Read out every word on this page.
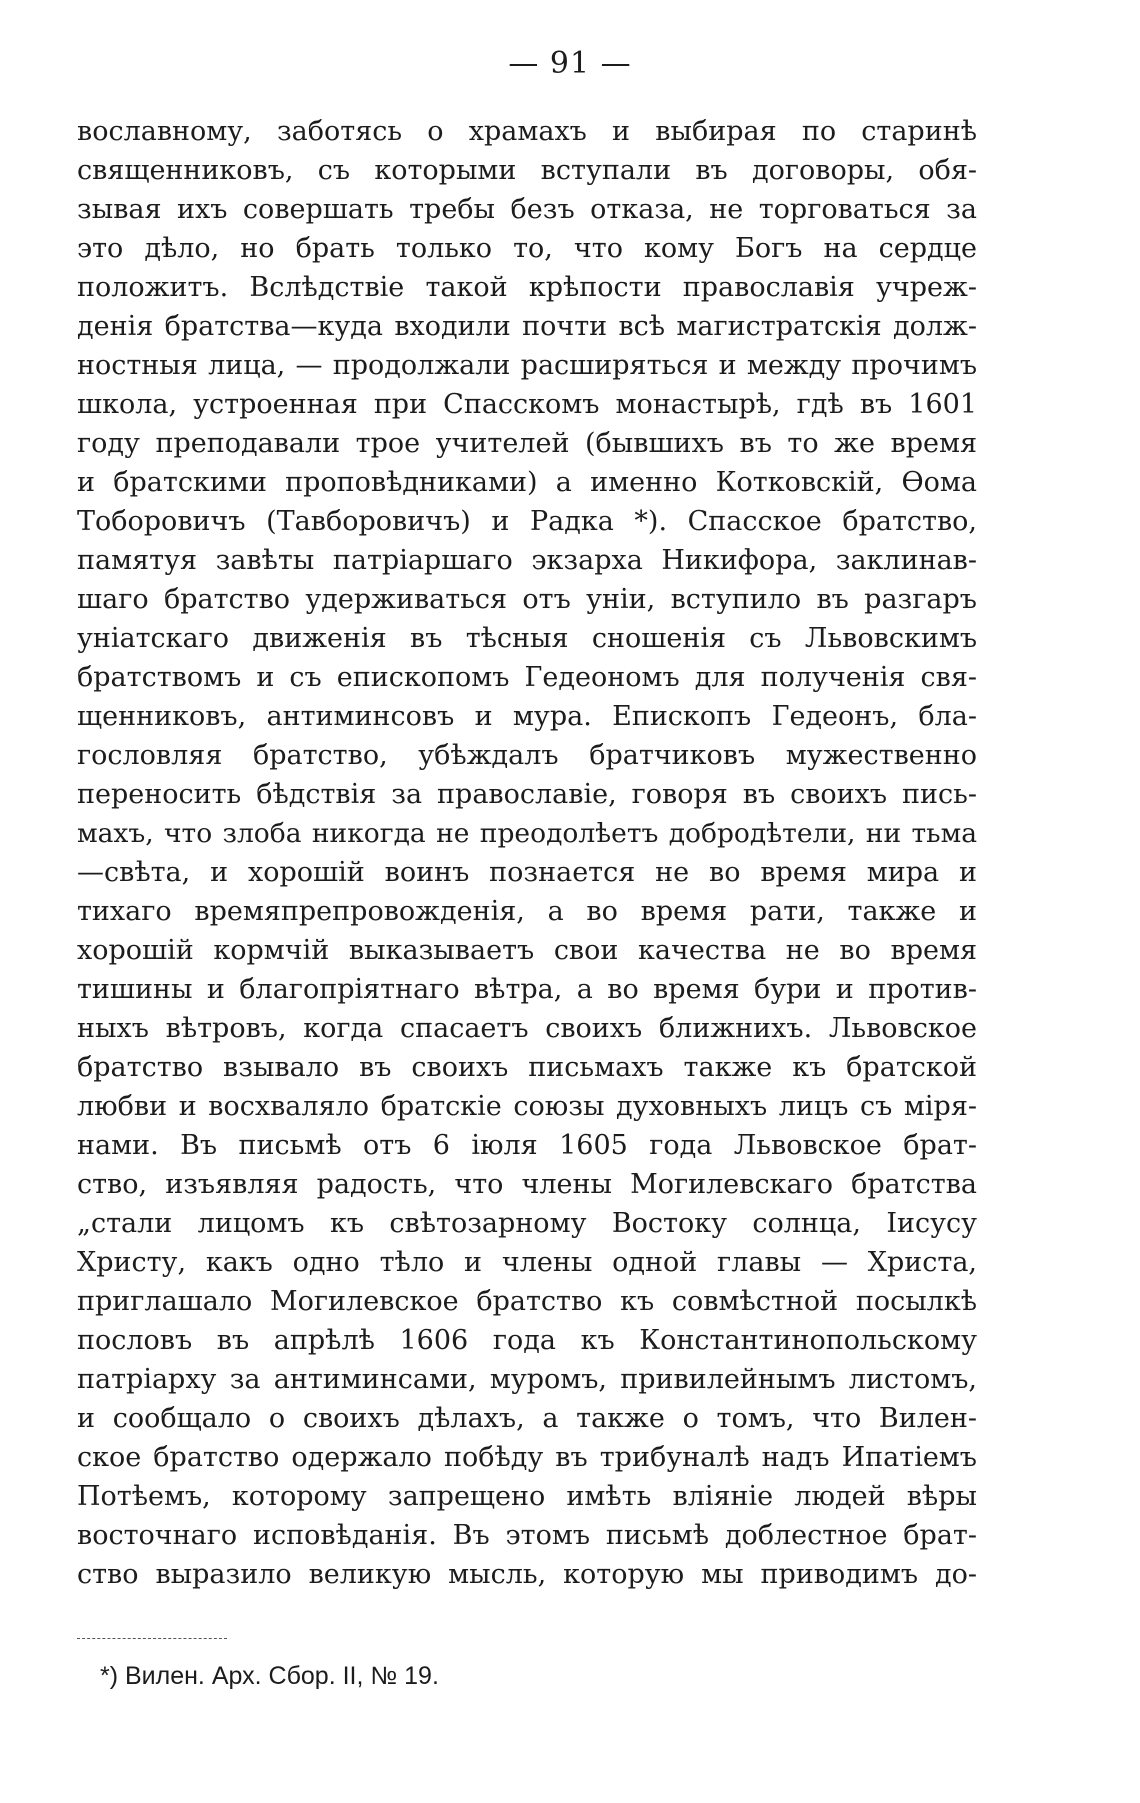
— 91 —
вославному, заботясь о храмахъ и выбирая по старинѣ
священниковъ, съ которыми вступали въ договоры, обя-
зывая ихъ совершать требы безъ отказа, не торговаться за
это дѣло, но брать только то, что кому Богъ на сердце
положитъ. Вслѣдствіе такой крѣпости православія учреж-
денія братства—куда входили почти всѣ магистратскія долж-
ностныя лица, — продолжали расширяться и между прочимъ
школа, устроенная при Спасскомъ монастырѣ, гдѣ въ 1601
году преподавали трое учителей (бывшихъ въ то же время
и братскими проповѣдниками) а именно Котковскій, Ѳома
Тоборовичъ (Тавборовичъ) и Радка *). Спасское братство,
памятуя завѣты патріаршаго экзарха Никифора, заклинав-
шаго братство удерживаться отъ уніи, вступило въ разгаръ
уніатскаго движенія въ тѣсныя сношенія съ Львовскимъ
братствомъ и съ епископомъ Гедеономъ для полученія свя-
щенниковъ, антиминсовъ и мура. Епископъ Гедеонъ, бла-
гословляя братство, убѣждалъ братчиковъ мужественно
переносить бѣдствія за православіе, говоря въ своихъ пись-
махъ, что злоба никогда не преодолѣетъ добродѣтели, ни тьма
—свѣта, и хорошій воинъ познается не во время мира и
тихаго времяпрепровожденія, а во время рати, также и
хорошій кормчій выказываетъ свои качества не во время
тишины и благопріятнаго вѣтра, а во время бури и против-
ныхъ вѣтровъ, когда спасаетъ своихъ ближнихъ. Львовское
братство взывало въ своихъ письмахъ также къ братской
любви и восхваляло братскіе союзы духовныхъ лицъ съ міря-
нами. Въ письмѣ отъ 6 іюля 1605 года Львовское брат-
ство, изъявляя радость, что члены Могилевскаго братства
„стали лицомъ къ свѣтозарному Востоку солнца, Іисусу
Христу, какъ одно тѣло и члены одной главы — Христа,
приглашало Могилевское братство къ совмѣстной посылкѣ
пословъ въ апрѣлѣ 1606 года къ Константинопольскому
патріарху за антиминсами, муромъ, привилейнымъ листомъ,
и сообщало о своихъ дѣлахъ, а также о томъ, что Вилен-
ское братство одержало побѣду въ трибуналѣ надъ Ипатіемъ
Потѣемъ, которому запрещено имѣть вліяніе людей вѣры
восточнаго исповѣданія. Въ этомъ письмѣ доблестное брат-
ство выразило великую мысль, которую мы приводимъ до-
*) Вилен. Арх. Сбор. II, № 19.
